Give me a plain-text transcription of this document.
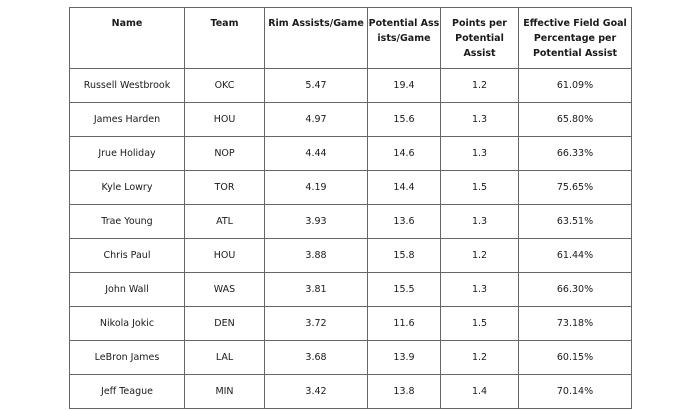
Name	Team	Rim Assists/Game	Potential Assists/Game	Points per Potential Assist	Effective Field Goal Percentage per Potential Assist
Russell Westbrook	OKC	5.47	19.4	1.2	61.09%
James Harden	HOU	4.97	15.6	1.3	65.80%
Jrue Holiday	NOP	4.44	14.6	1.3	66.33%
Kyle Lowry	TOR	4.19	14.4	1.5	75.65%
Trae Young	ATL	3.93	13.6	1.3	63.51%
Chris Paul	HOU	3.88	15.8	1.2	61.44%
John Wall	WAS	3.81	15.5	1.3	66.30%
Nikola Jokic	DEN	3.72	11.6	1.5	73.18%
LeBron James	LAL	3.68	13.9	1.2	60.15%
Jeff Teague	MIN	3.42	13.8	1.4	70.14%
